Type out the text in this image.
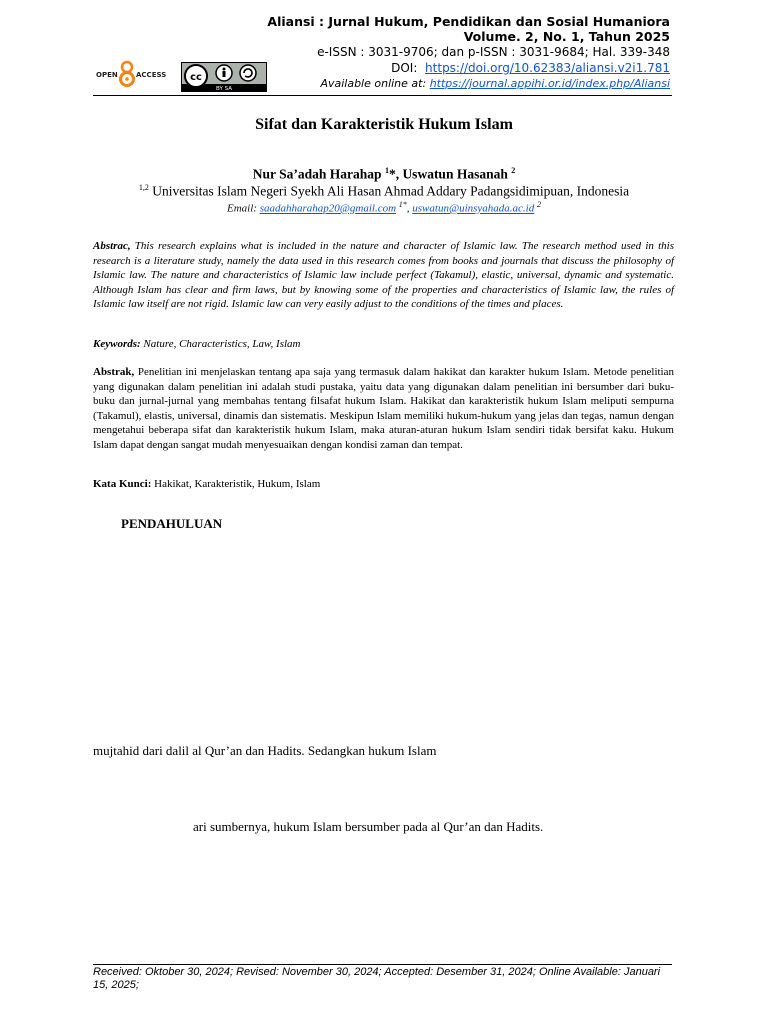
Aliansi : Jurnal Hukum, Pendidikan dan Sosial Humaniora
Volume. 2, No. 1, Tahun 2025
e-ISSN : 3031-9706; dan p-ISSN : 3031-9684; Hal. 339-348
DOI: https://doi.org/10.62383/aliansi.v2i1.781
Available online at: https://journal.appihi.or.id/index.php/Aliansi
OPEN	ACCESS cc
BY SA
Sifat dan Karakteristik Hukum Islam
Nur Sa’adah Harahap $^1$*, Uswatun Hasanah $^2$
$^{1,2}$ Universitas Islam Negeri Syekh Ali Hasan Ahmad Addary Padangsidimipuan, Indonesia
Email: saadahharahap20@gmail.com $^{1*}$, uswatun@uinsyahada.ac.id $^2$
Abstrac, This research explains what is included in the nature and character of Islamic law. The research method used in this research is a literature study, namely the data used in this research comes from books and journals that discuss the philosophy of Islamic law. The nature and characteristics of Islamic law include perfect (Takamul), elastic, universal, dynamic and systematic. Although Islam has clear and firm laws, but by knowing some of the properties and characteristics of Islamic law, the rules of Islamic law itself are not rigid. Islamic law can very easily adjust to the conditions of the times and places.
Keywords: Nature, Characteristics, Law, Islam
Abstrak, Penelitian ini menjelaskan tentang apa saja yang termasuk dalam hakikat dan karakter hukum Islam. Metode penelitian yang digunakan dalam penelitian ini adalah studi pustaka, yaitu data yang digunakan dalam penelitian ini bersumber dari buku-buku dan jurnal-jurnal yang membahas tentang filsafat hukum Islam. Hakikat dan karakteristik hukum Islam meliputi sempurna (Takamul), elastis, universal, dinamis dan sistematis. Meskipun Islam memiliki hukum-hukum yang jelas dan tegas, namun dengan mengetahui beberapa sifat dan karakteristik hukum Islam, maka aturan-aturan hukum Islam sendiri tidak bersifat kaku. Hukum Islam dapat dengan sangat mudah menyesuaikan dengan kondisi zaman dan tempat.
Kata Kunci: Hakikat, Karakteristik, Hukum, Islam
PENDAHULUAN
mujtahid dari dalil al Qur’an dan Hadits. Sedangkan hukum Islam
ari sumbernya, hukum Islam bersumber pada al Qur’an dan Hadits.
Received: Oktober 30, 2024; Revised: November 30, 2024; Accepted: Desember 31, 2024; Online Available: Januari 15, 2025;
